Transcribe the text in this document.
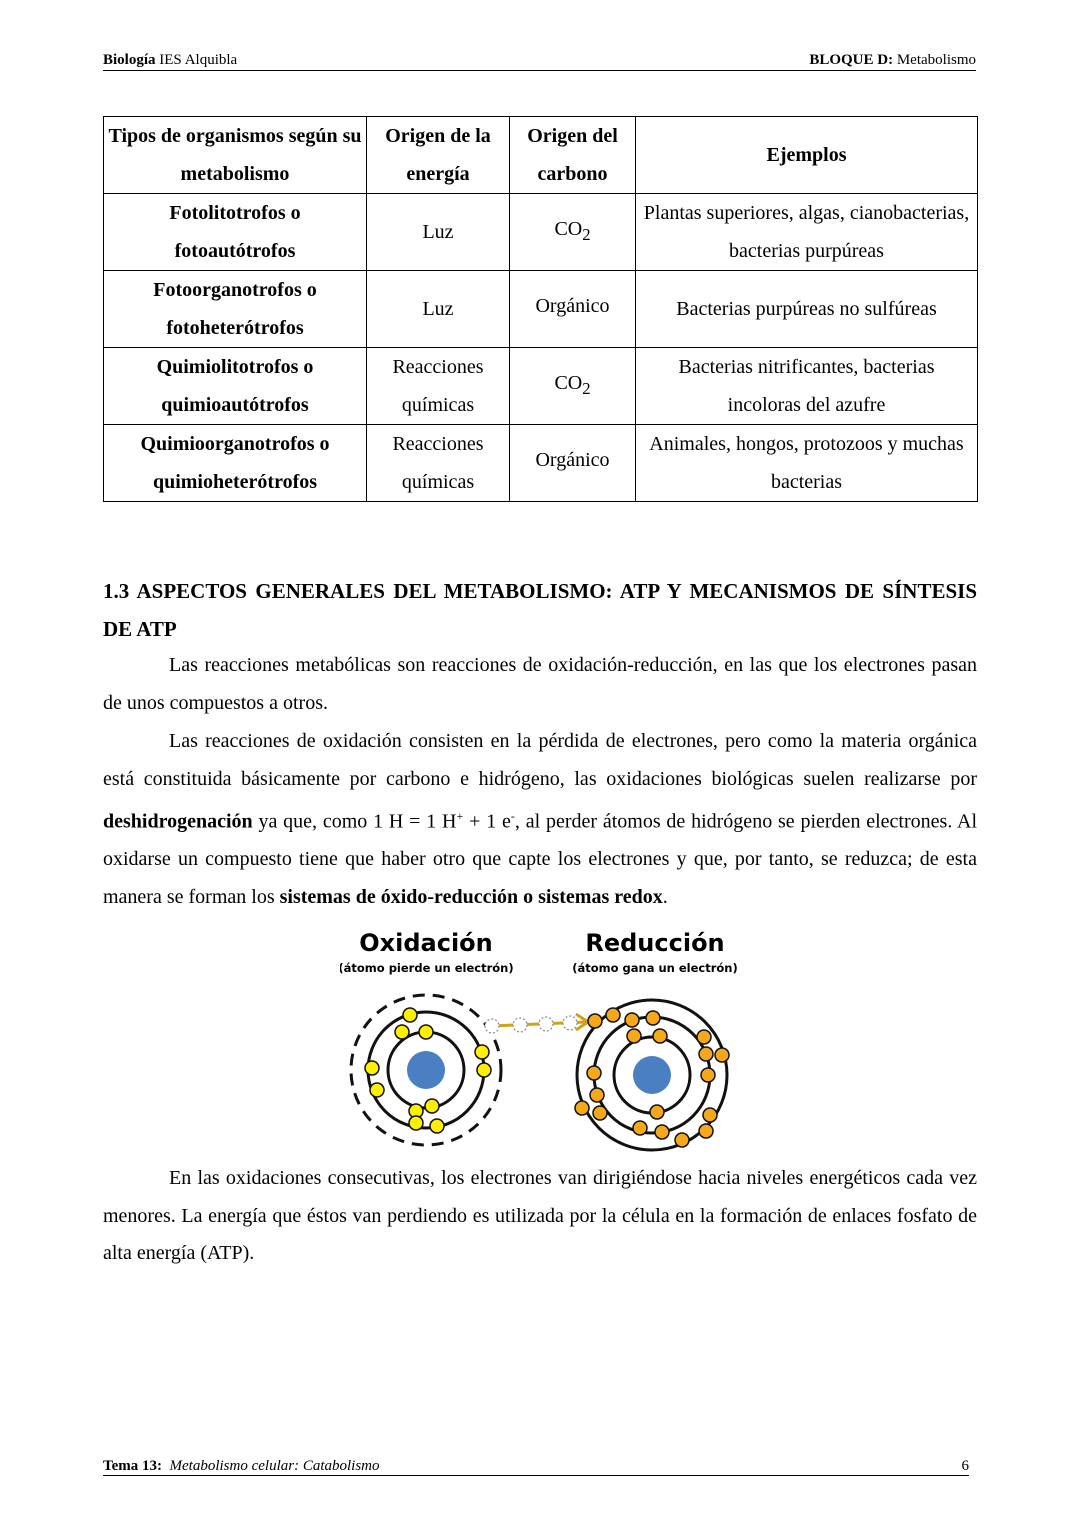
Biología IES Alquibla	BLOQUE D: Metabolismo
Tipos de organismos según su metabolismo	Origen de la energía	Origen del carbono	Ejemplos
Fotolitotrofos o fotoautótrofos	Luz	$CO_2$	Plantas superiores, algas, cianobacterias, bacterias purpúreas
Fotoorganotrofos o fotoheterótrofos	Luz	Orgánico	Bacterias purpúreas no sulfúreas
Quimiolitotrofos o quimioautótrofos	Reacciones químicas	$CO_2$	Bacterias nitrificantes, bacterias incoloras del azufre
Quimioorganotrofos o quimioheterótrofos	Reacciones químicas	Orgánico	Animales, hongos, protozoos y muchas bacterias
1.3 ASPECTOS GENERALES DEL METABOLISMO: ATP Y MECANISMOS DE SÍNTESIS DE ATP

Las reacciones metabólicas son reacciones de oxidación-reducción, en las que los electrones pasan de unos compuestos a otros.

Las reacciones de oxidación consisten en la pérdida de electrones, pero como la materia orgánica está constituida básicamente por carbono e hidrógeno, las oxidaciones biológicas suelen realizarse por deshidrogenación ya que, como 1 H = 1 H+ + 1 e-, al perder átomos de hidrógeno se pierden electrones. Al oxidarse un compuesto tiene que haber otro que capte los electrones y que, por tanto, se reduzca; de esta manera se forman los sistemas de óxido-reducción o sistemas redox.

Oxidación
(átomo pierde un electrón)
Reducción
(átomo gana un electrón)

En las oxidaciones consecutivas, los electrones van dirigiéndose hacia niveles energéticos cada vez menores. La energía que éstos van perdiendo es utilizada por la célula en la formación de enlaces fosfato de alta energía (ATP).

Tema 13: Metabolismo celular: Catabolismo	6
